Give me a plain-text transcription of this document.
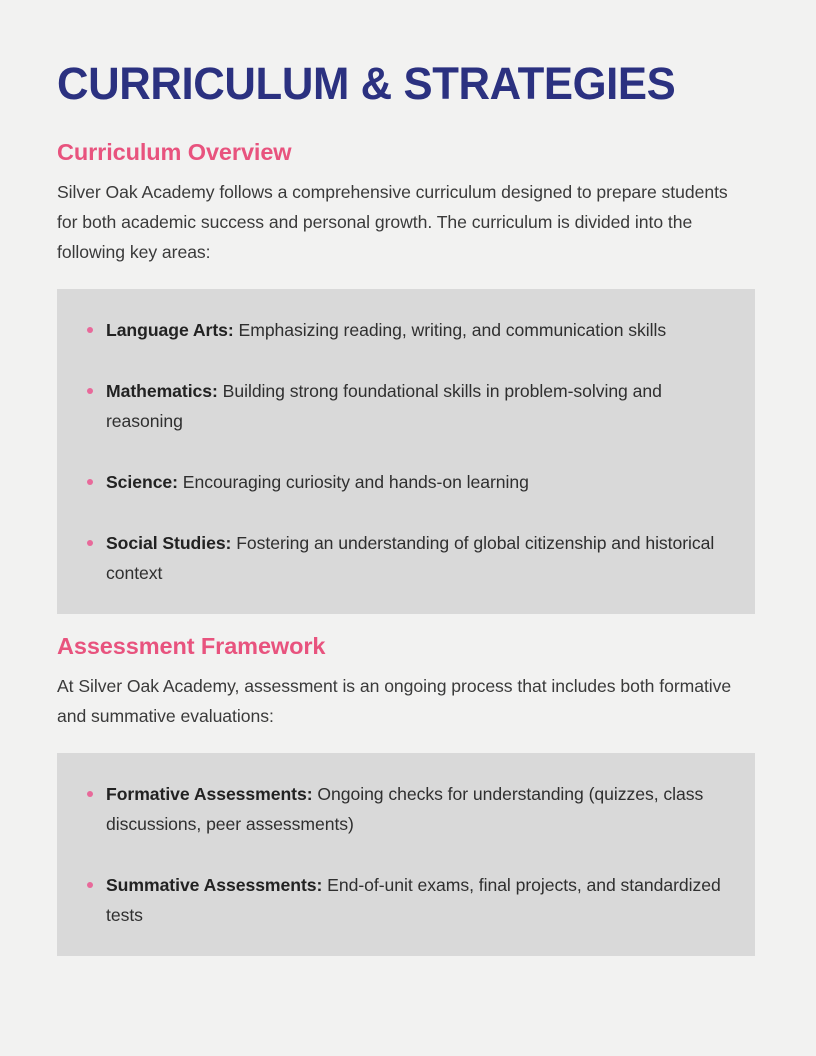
CURRICULUM & STRATEGIES
Curriculum Overview

Silver Oak Academy follows a comprehensive curriculum designed to prepare students for both academic success and personal growth. The curriculum is divided into the following key areas:

Language Arts: Emphasizing reading, writing, and communication skills
Mathematics: Building strong foundational skills in problem-solving and reasoning
Science: Encouraging curiosity and hands-on learning
Social Studies: Fostering an understanding of global citizenship and historical context
Assessment Framework

At Silver Oak Academy, assessment is an ongoing process that includes both formative and summative evaluations:

Formative Assessments: Ongoing checks for understanding (quizzes, class discussions, peer assessments)
Summative Assessments: End-of-unit exams, final projects, and standardized tests
